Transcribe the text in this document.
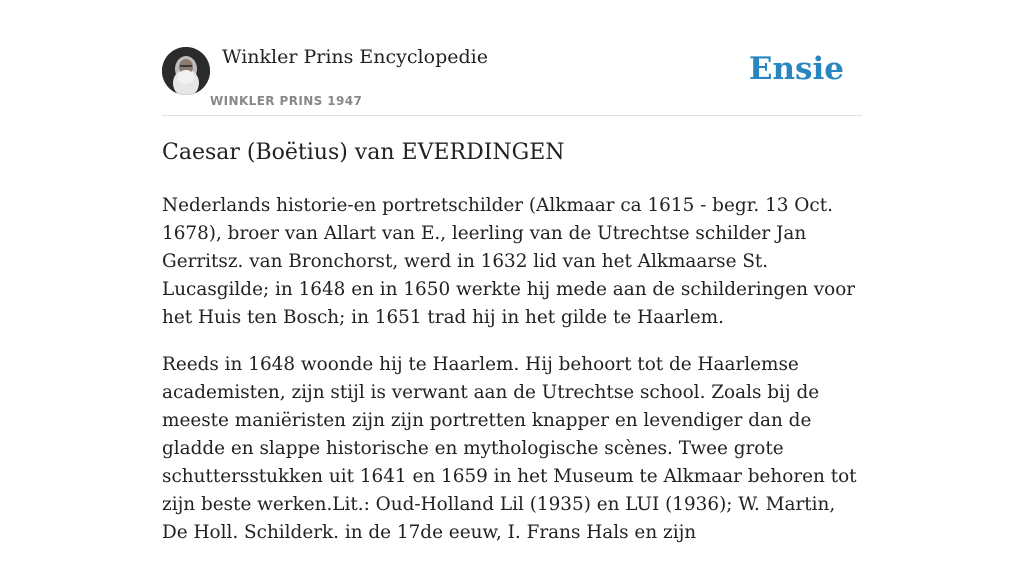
Winkler Prins Encyclopedie
WINKLER PRINS 1947
Ensie
Caesar (Boëtius) van EVERDINGEN

Nederlands historie-en portretschilder (Alkmaar ca 1615 - begr. 13 Oct. 1678), broer van Allart van E., leerling van de Utrechtse schilder Jan Gerritsz. van Bronchorst, werd in 1632 lid van het Alkmaarse St. Lucasgilde; in 1648 en in 1650 werkte hij mede aan de schilderingen voor het Huis ten Bosch; in 1651 trad hij in het gilde te Haarlem.

Reeds in 1648 woonde hij te Haarlem. Hij behoort tot de Haarlemse academisten, zijn stijl is verwant aan de Utrechtse school. Zoals bij de meeste maniëristen zijn zijn portretten knapper en levendiger dan de gladde en slappe historische en mythologische scènes. Twee grote schuttersstukken uit 1641 en 1659 in het Museum te Alkmaar behoren tot zijn beste werken.Lit.: Oud-Holland Lil (1935) en LUI (1936); W. Martin, De Holl. Schilderk. in de 17de eeuw, I. Frans Hals en zijn
